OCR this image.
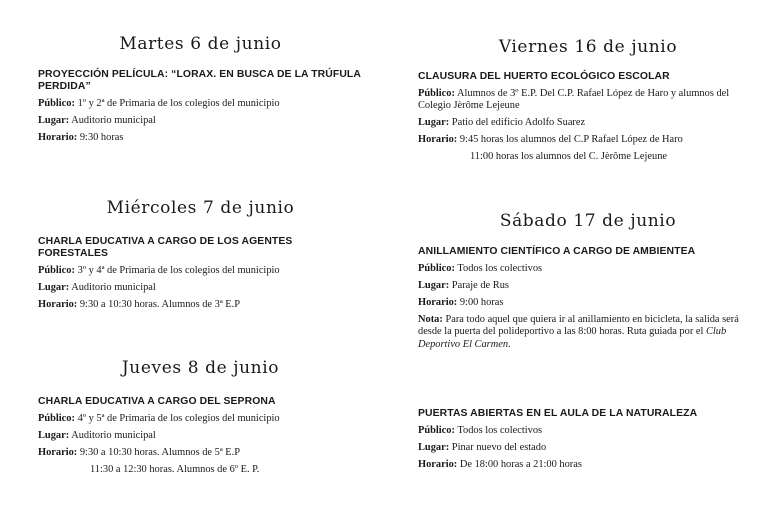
Martes 6 de junio

PROYECCIÓN PELÍCULA: “LORAX. EN BUSCA DE LA TRÚFULA PERDIDA”

Público: 1º y 2ª de Primaria de los colegios del municipio

Lugar: Auditorio municipal

Horario: 9:30 horas

Miércoles 7 de junio

CHARLA EDUCATIVA A CARGO DE LOS AGENTES FORESTALES

Público: 3º y 4ª de Primaria de los colegios del municipio

Lugar: Auditorio municipal

Horario: 9:30 a 10:30 horas. Alumnos de 3ª E.P

Jueves 8 de junio

CHARLA EDUCATIVA A CARGO DEL SEPRONA

Público: 4º y 5ª de Primaria de los colegios del municipio

Lugar: Auditorio municipal

Horario: 9:30 a 10:30 horas. Alumnos de 5ª E.P

11:30 a 12:30 horas. Alumnos de 6º E. P.

Viernes 16 de junio

CLAUSURA DEL HUERTO ECOLÓGICO ESCOLAR

Público: Alumnos de 3º E.P. Del C.P. Rafael López de Haro y alumnos del Colegio Jèrôme Lejeune

Lugar: Patio del edificio Adolfo Suarez

Horario: 9:45 horas los alumnos del C.P Rafael López de Haro

11:00 horas los alumnos del C. Jèrôme Lejeune

Sábado 17 de junio

ANILLAMIENTO CIENTÍFICO A CARGO DE AMBIENTEA

Público: Todos los colectivos

Lugar: Paraje de Rus

Horario: 9:00 horas

Nota: Para todo aquel que quiera ir al anillamiento en bicicleta, la salida será desde la puerta del polideportivo a las 8:00 horas. Ruta guiada por el Club Deportivo El Carmen.

PUERTAS ABIERTAS EN EL AULA DE LA NATURALEZA

Público: Todos los colectivos

Lugar: Pinar nuevo del estado

Horario: De 18:00 horas a 21:00 horas
